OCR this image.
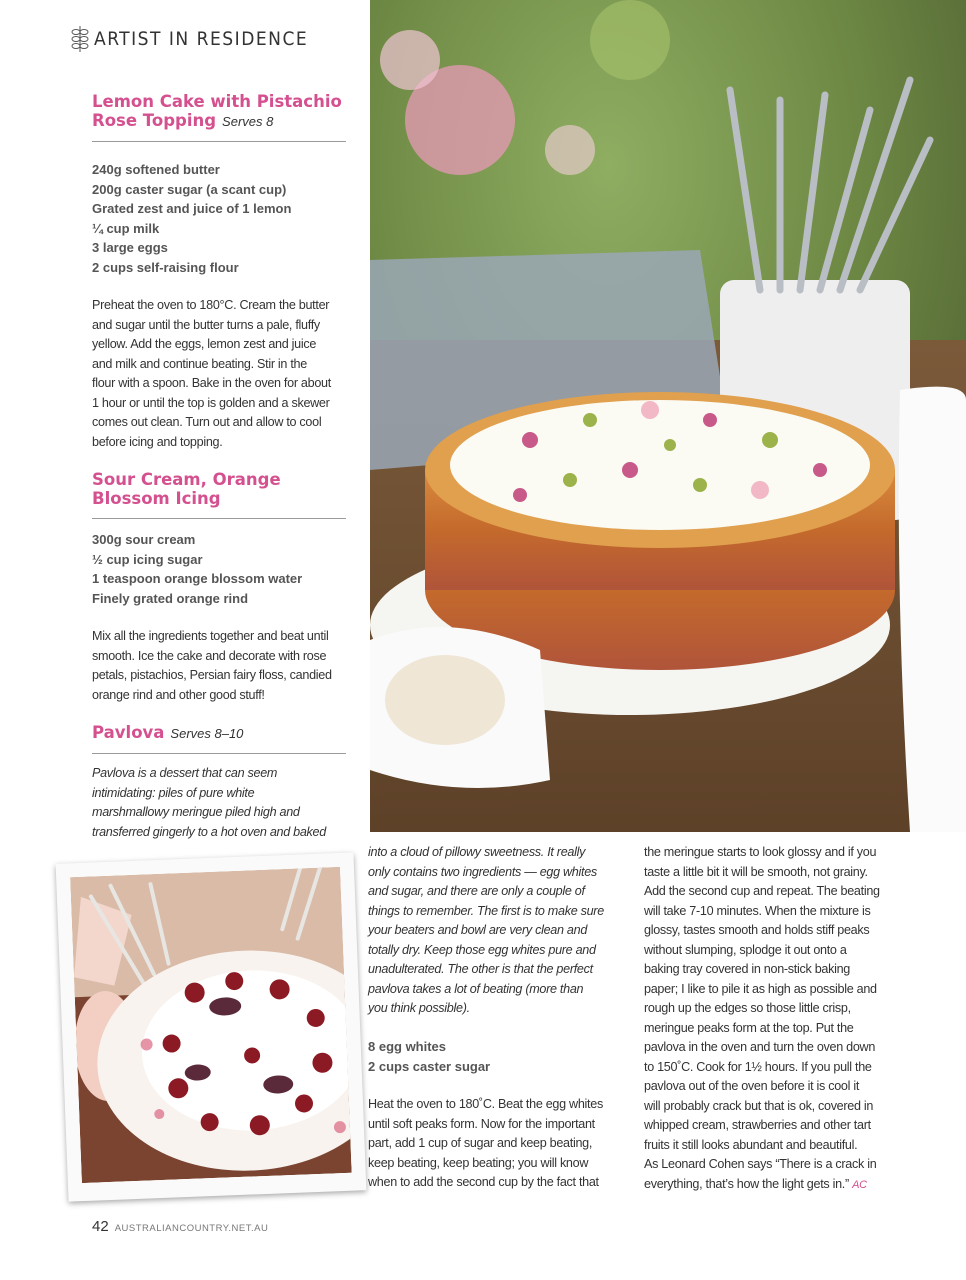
ARTIST IN RESIDENCE
Lemon Cake with Pistachio
Rose Topping Serves 8
240g softened butter
200g caster sugar (a scant cup)
Grated zest and juice of 1 lemon
¼ cup milk
3 large eggs
2 cups self-raising flour
Preheat the oven to 180°C. Cream the butter
and sugar until the butter turns a pale, fluffy
yellow. Add the eggs, lemon zest and juice
and milk and continue beating. Stir in the
flour with a spoon. Bake in the oven for about
1 hour or until the top is golden and a skewer
comes out clean. Turn out and allow to cool
before icing and topping.
Sour Cream, Orange
Blossom Icing
300g sour cream
½ cup icing sugar
1 teaspoon orange blossom water
Finely grated orange rind
Mix all the ingredients together and beat until
smooth. Ice the cake and decorate with rose
petals, pistachios, Persian fairy floss, candied
orange rind and other good stuff!
Pavlova Serves 8–10
Pavlova is a dessert that can seem
intimidating: piles of pure white
marshmallowy meringue piled high and
transferred gingerly to a hot oven and baked
into a cloud of pillowy sweetness. It really
only contains two ingredients — egg whites
and sugar, and there are only a couple of
things to remember. The first is to make sure
your beaters and bowl are very clean and
totally dry. Keep those egg whites pure and
unadulterated. The other is that the perfect
pavlova takes a lot of beating (more than
you think possible).
8 egg whites
2 cups caster sugar
Heat the oven to 180˚C. Beat the egg whites
until soft peaks form. Now for the important
part, add 1 cup of sugar and keep beating,
keep beating, keep beating; you will know
when to add the second cup by the fact that
the meringue starts to look glossy and if you
taste a little bit it will be smooth, not grainy.
Add the second cup and repeat. The beating
will take 7-10 minutes. When the mixture is
glossy, tastes smooth and holds stiff peaks
without slumping, splodge it out onto a
baking tray covered in non-stick baking
paper; I like to pile it as high as possible and
rough up the edges so those little crisp,
meringue peaks form at the top. Put the
pavlova in the oven and turn the oven down
to 150˚C. Cook for 1½ hours. If you pull the
pavlova out of the oven before it is cool it
will probably crack but that is ok, covered in
whipped cream, strawberries and other tart
fruits it still looks abundant and beautiful.
As Leonard Cohen says “There is a crack in
everything, that’s how the light gets in.” AC
42 AUSTRALIANCOUNTRY.NET.AU
